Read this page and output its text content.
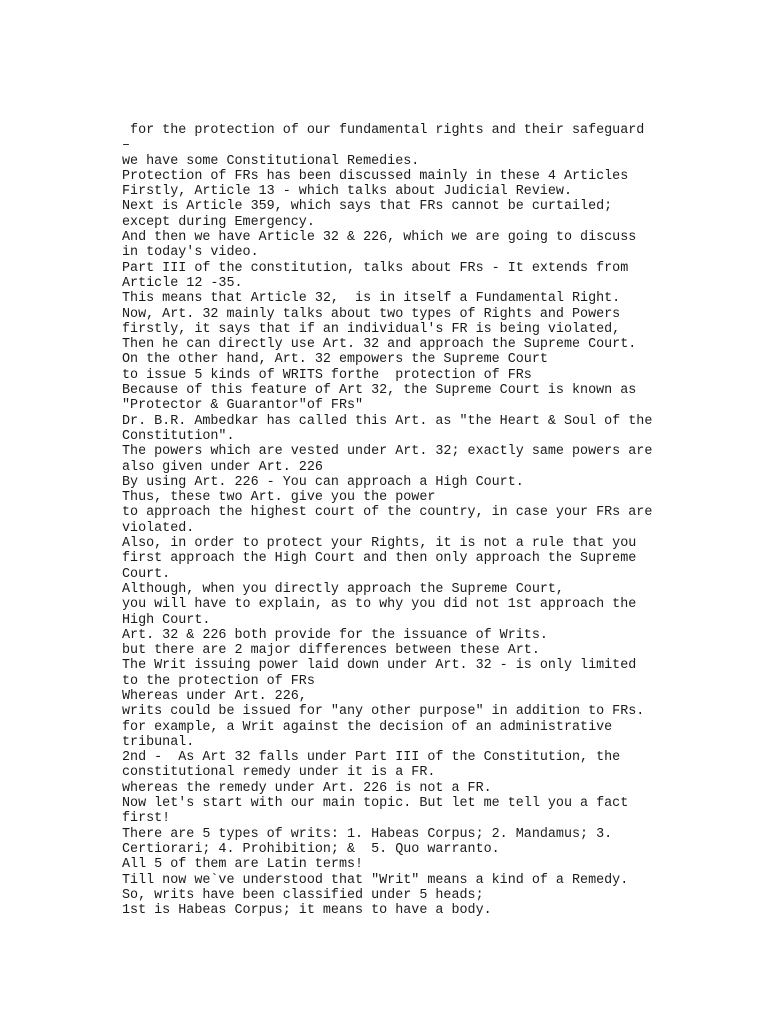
for the protection of our fundamental rights and their safeguard
–
we have some Constitutional Remedies.
Protection of FRs has been discussed mainly in these 4 Articles
Firstly, Article 13 - which talks about Judicial Review.
Next is Article 359, which says that FRs cannot be curtailed;
except during Emergency.
And then we have Article 32 & 226, which we are going to discuss
in today's video.
Part III of the constitution, talks about FRs - It extends from
Article 12 -35.
This means that Article 32,  is in itself a Fundamental Right.
Now, Art. 32 mainly talks about two types of Rights and Powers
firstly, it says that if an individual's FR is being violated,
Then he can directly use Art. 32 and approach the Supreme Court.
On the other hand, Art. 32 empowers the Supreme Court
to issue 5 kinds of WRITS forthe  protection of FRs
Because of this feature of Art 32, the Supreme Court is known as
"Protector & Guarantor"of FRs"
Dr. B.R. Ambedkar has called this Art. as "the Heart & Soul of the
Constitution".
The powers which are vested under Art. 32; exactly same powers are
also given under Art. 226
By using Art. 226 - You can approach a High Court.
Thus, these two Art. give you the power
to approach the highest court of the country, in case your FRs are
violated.
Also, in order to protect your Rights, it is not a rule that you
first approach the High Court and then only approach the Supreme
Court.
Although, when you directly approach the Supreme Court,
you will have to explain, as to why you did not 1st approach the
High Court.
Art. 32 & 226 both provide for the issuance of Writs.
but there are 2 major differences between these Art.
The Writ issuing power laid down under Art. 32 - is only limited
to the protection of FRs
Whereas under Art. 226,
writs could be issued for "any other purpose" in addition to FRs.
for example, a Writ against the decision of an administrative
tribunal.
2nd -  As Art 32 falls under Part III of the Constitution, the
constitutional remedy under it is a FR.
whereas the remedy under Art. 226 is not a FR.
Now let's start with our main topic. But let me tell you a fact
first!
There are 5 types of writs: 1. Habeas Corpus; 2. Mandamus; 3.
Certiorari; 4. Prohibition; &  5. Quo warranto.
All 5 of them are Latin terms!
Till now we`ve understood that "Writ" means a kind of a Remedy.
So, writs have been classified under 5 heads;
1st is Habeas Corpus; it means to have a body.
